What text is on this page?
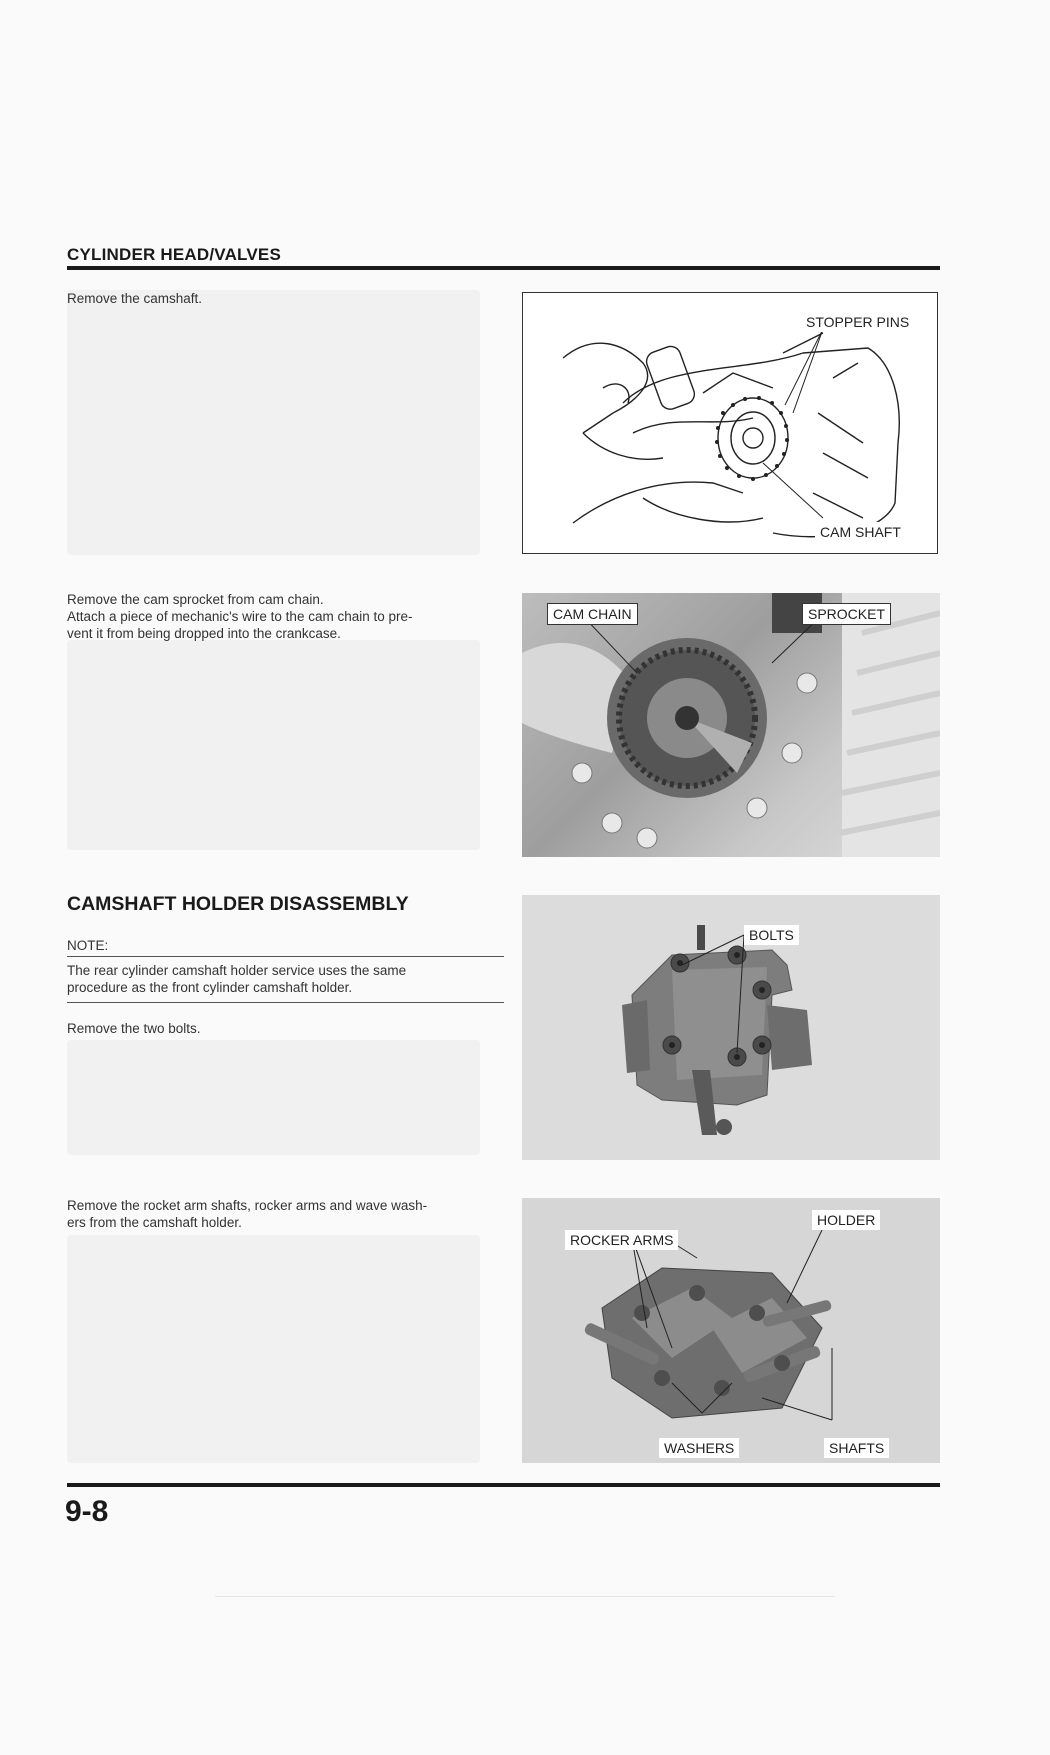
CYLINDER HEAD/VALVES
Remove the camshaft.
STOPPER PINS
CAM SHAFT
Remove the cam sprocket from cam chain.
Attach a piece of mechanic's wire to the cam chain to pre-
vent it from being dropped into the crankcase.
CAM CHAIN	SPROCKET
CAMSHAFT HOLDER DISASSEMBLY
NOTE:
The rear cylinder camshaft holder service uses the same
procedure as the front cylinder camshaft holder.
Remove the two bolts.
BOLTS
Remove the rocket arm shafts, rocker arms and wave wash-
ers from the camshaft holder.
ROCKER ARMS
HOLDER
WASHERS	SHAFTS
9-8
